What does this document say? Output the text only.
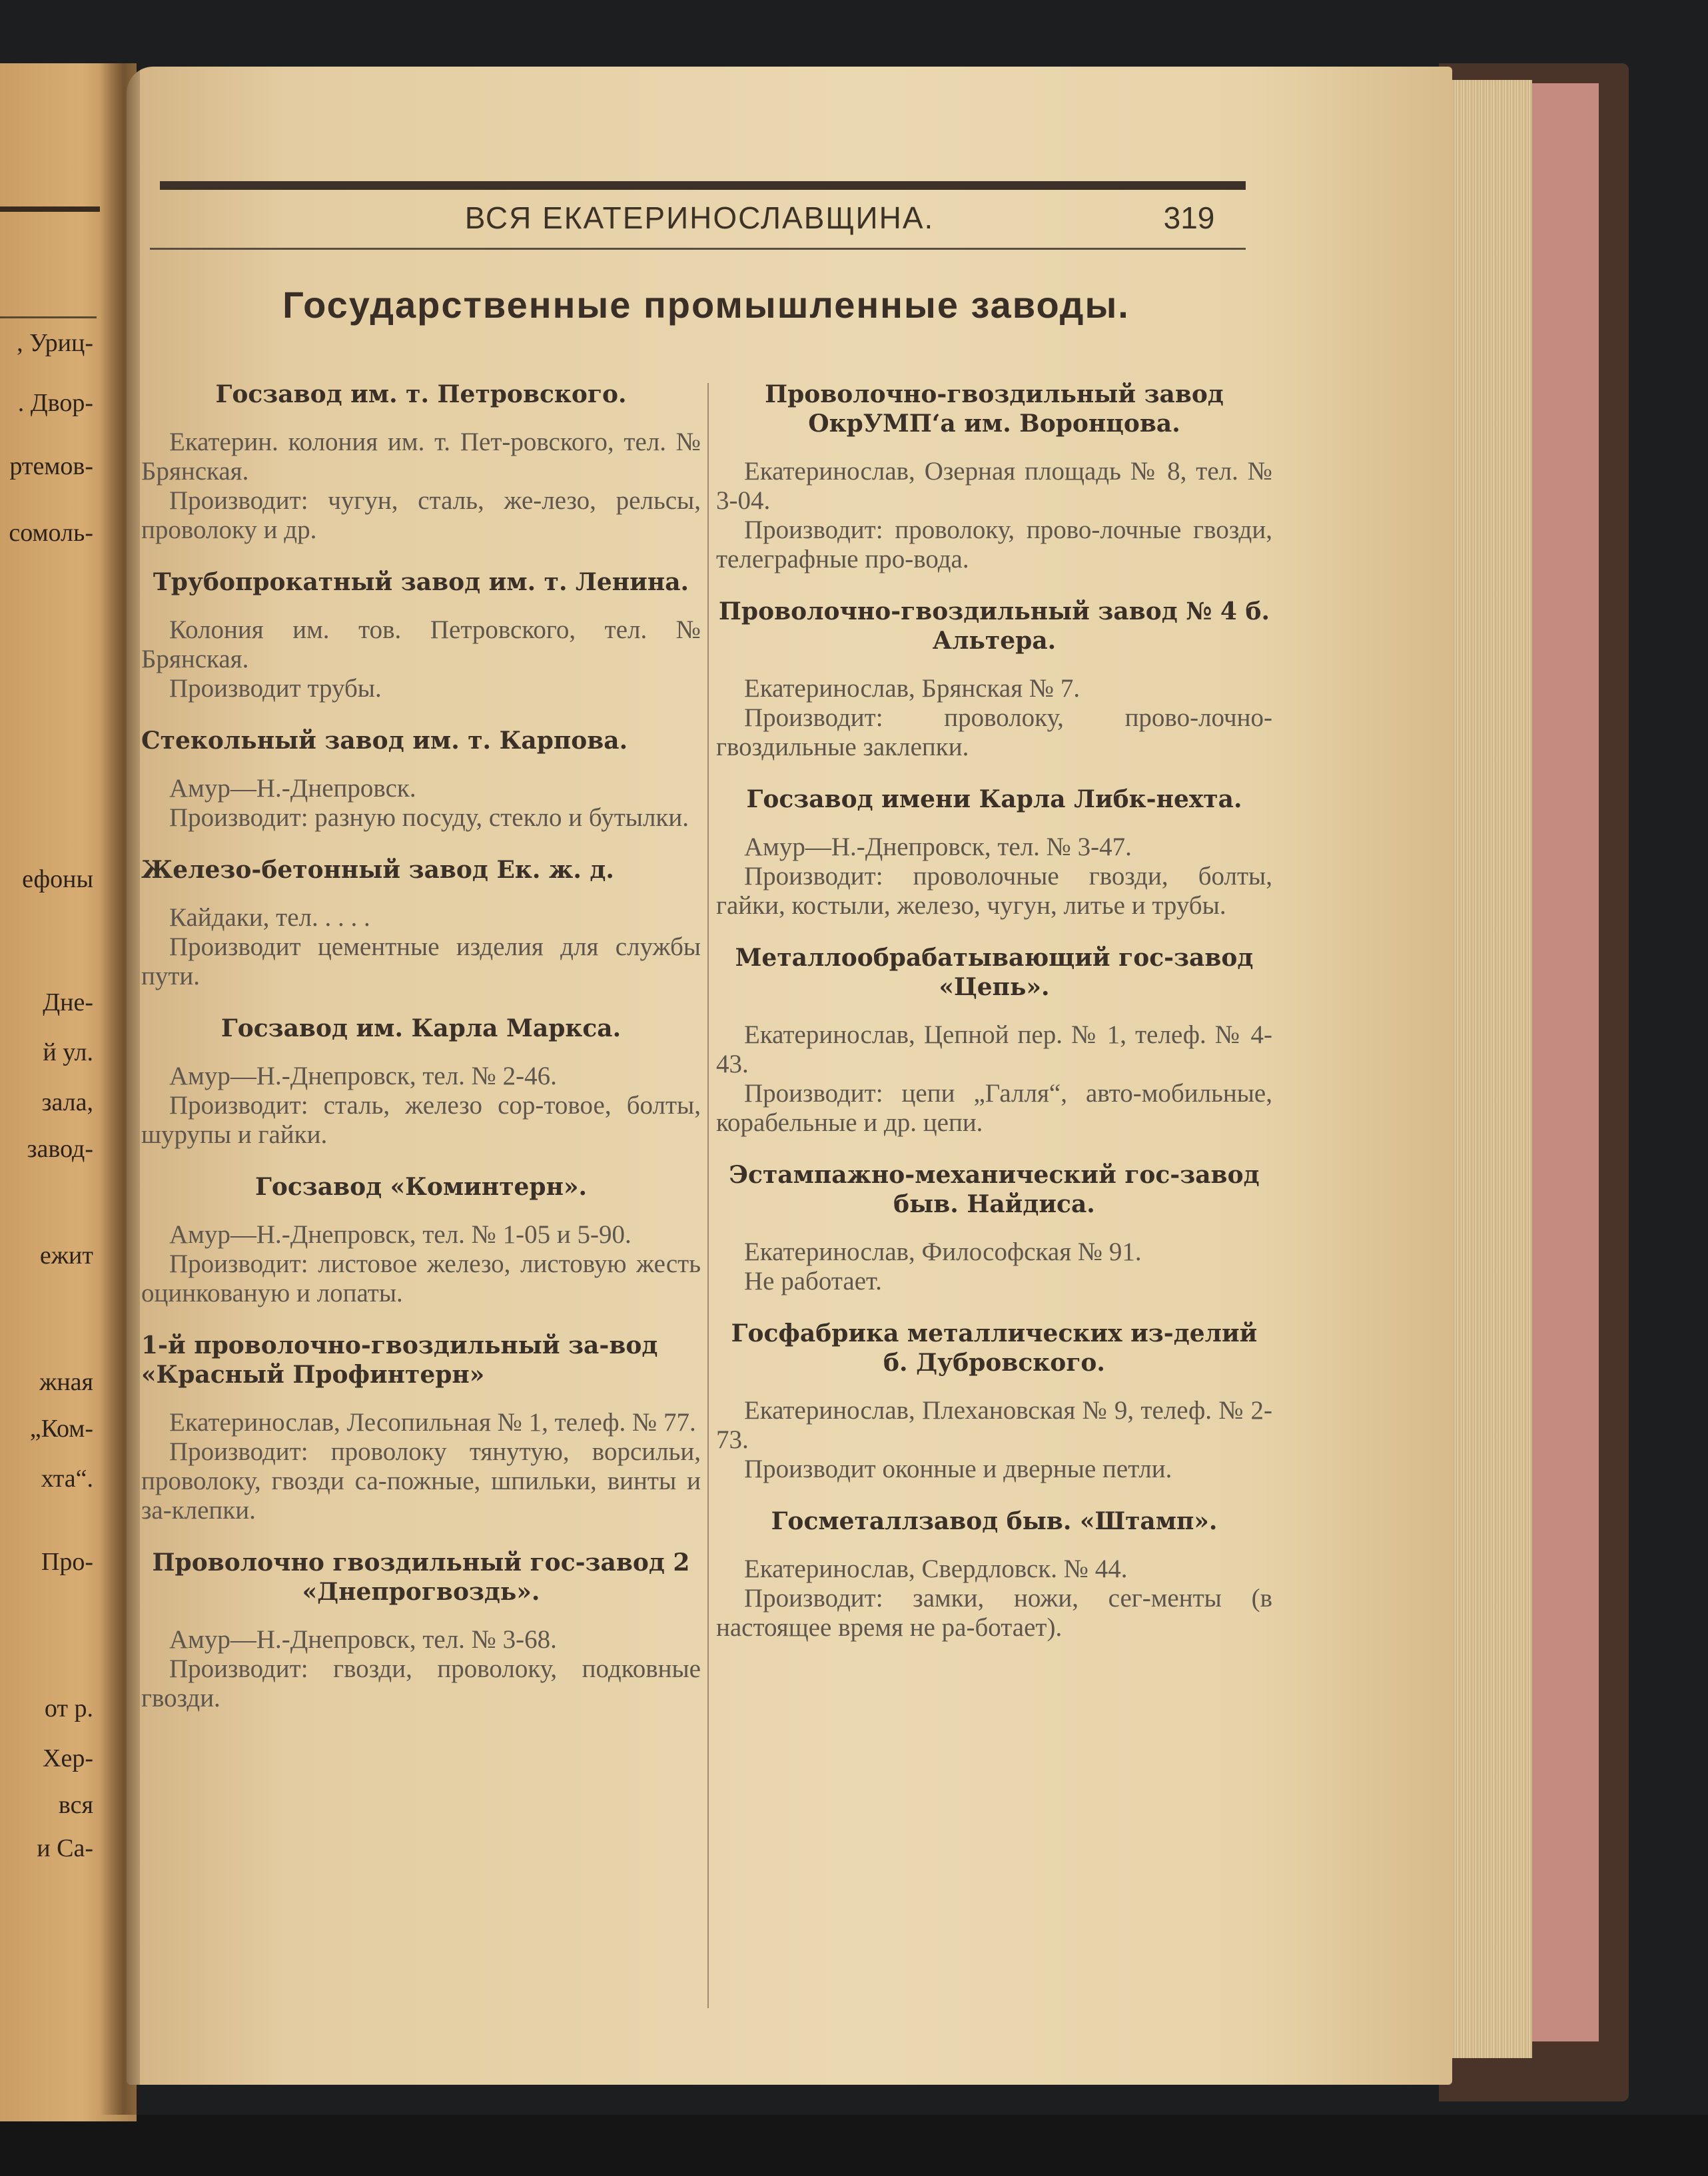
, Уриц-
. Двор-
ртемов-
сомоль-
ефоны
Дне-
й ул.
зала,
завод-
ежит
жная
„Ком-
хта“.
Про-
от р.
Хер-
вся
и Са-
ВСЯ ЕКАТЕРИНОСЛАВЩИНА.	319
Государственные промышленные заводы.

Госзавод им. т. Петровского.

Екатерин. колония им. т. Пет-ровского, тел. № Брянская.
Производит: чугун, сталь, же-лезо, рельсы, проволоку и др.

Трубопрокатный завод им. т. Ленина.

Колония им. тов. Петровского, тел. № Брянская.
Производит трубы.

Стекольный завод им. т. Карпова.

Амур—Н.-Днепровск.
Производит: разную посуду, стекло и бутылки.

Железо-бетонный завод Ек. ж. д.

Кайдаки, тел. . . . .
Производит цементные изделия для службы пути.

Госзавод им. Карла Маркса.

Амур—Н.-Днепровск, тел. № 2-46.
Производит: сталь, железо сор-товое, болты, шурупы и гайки.

Госзавод «Коминтерн».

Амур—Н.-Днепровск, тел. № 1-05 и 5-90.
Производит: листовое железо, листовую жесть оцинкованую и лопаты.

1-й проволочно-гвоздильный за-вод «Красный Профинтерн»

Екатеринослав, Лесопильная № 1, телеф. № 77.
Производит: проволоку тянутую, ворсильи, проволоку, гвозди са-пожные, шпильки, винты и за-клепки.

Проволочно гвоздильный гос-завод 2 «Днепрогвоздь».

Амур—Н.-Днепровск, тел. № 3-68.
Производит: гвозди, проволоку, подковные гвозди.

Проволочно-гвоздильный завод ОкрУМП‘а им. Воронцова.

Екатеринослав, Озерная площадь № 8, тел. № 3-04.
Производит: проволоку, прово-лочные гвозди, телеграфные про-вода.

Проволочно-гвоздильный завод № 4 б. Альтера.

Екатеринослав, Брянская № 7.
Производит: проволоку, прово-лочно-гвоздильные заклепки.

Госзавод имени Карла Либк-нехта.

Амур—Н.-Днепровск, тел. № 3-47.
Производит: проволочные гвозди, болты, гайки, костыли, железо, чугун, литье и трубы.

Металлообрабатывающий гос-завод «Цепь».

Екатеринослав, Цепной пер. № 1, телеф. № 4-43.
Производит: цепи „Галля“, авто-мобильные, корабельные и др. цепи.

Эстампажно-механический гос-завод быв. Найдиса.

Екатеринослав, Философская № 91.
Не работает.

Госфабрика металлических из-делий б. Дубровского.

Екатеринослав, Плехановская № 9, телеф. № 2-73.
Производит оконные и дверные петли.

Госметаллзавод быв. «Штамп».

Екатеринослав, Свердловск. № 44.
Производит: замки, ножи, сег-менты (в настоящее время не ра-ботает).
